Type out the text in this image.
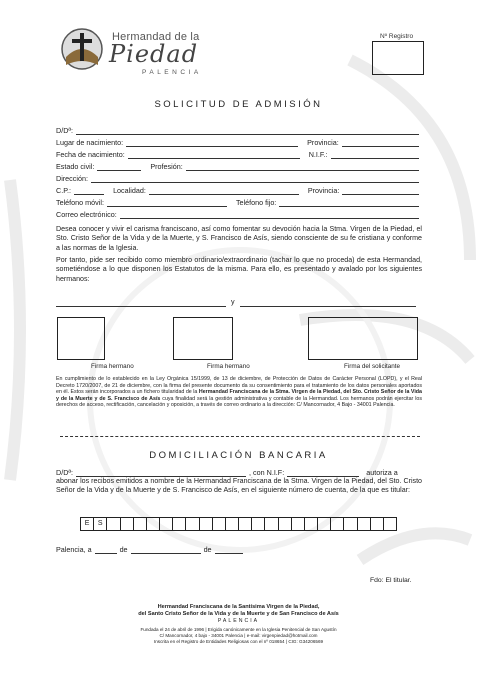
Hermandad de la
Piedad
PALENCIA
Nº Registro
SOLICITUD DE ADMISIÓN
D/Dª:
Lugar de nacimiento:	Provincia:
Fecha de nacimiento:	N.I.F.:
Estado civil:	Profesión:
Dirección:
C.P.:	Localidad:	Provincia:
Teléfono móvil:	Teléfono fijo:
Correo electrónico:
Desea conocer y vivir el carisma franciscano, así como fomentar su devoción hacia la Stma. Virgen de la Piedad, el Sto. Cristo Señor de la Vida y de la Muerte, y S. Francisco de Asís, siendo consciente de su fe cristiana y conforme a las normas de la Iglesia.
Por tanto, pide ser recibido como miembro ordinario/extraordinario (tachar lo que no proceda) de esta Hermandad, sometiéndose a lo que disponen los Estatutos de la misma. Para ello, es presentado y avalado por los siguientes hermanos:
y
Firma hermano	Firma hermano	Firma del solicitante
En cumplimiento de lo establecido en la Ley Orgánica 15/1999, de 13 de diciembre, de Protección de Datos de Carácter Personal (LOPD), y el Real Decreto 1720/2007, de 21 de diciembre, con la firma del presente documento da su consentimiento para el tratamiento de los datos personales aportados en él. Estos serán incorporados a un fichero titularidad de la Hermandad Franciscana de la Stma. Virgen de la Piedad, del Sto. Cristo Señor de la Vida y de la Muerte y de S. Francisco de Asís cuya finalidad será la gestión administrativa y contable de la Hermandad. Los hermanos podrán ejercitar los derechos de acceso, rectificación, cancelación y oposición, a través de correo ordinario a la dirección: C/ Mancornador, 4 Bajo - 34001 Palencia.
DOMICILIACIÓN BANCARIA
D/Dª:	, con N.I.F:	autoriza a
abonar los recibos emitidos a nombre de la Hermandad Franciscana de la Stma. Virgen de la Piedad, del Sto. Cristo Señor de la Vida y de la Muerte y de S. Francisco de Asís, en el siguiente número de cuenta, de la que es titular:
E	S
Palencia, a	de	de
Fdo: El titular.
Hermandad Franciscana de la Santísima Virgen de la Piedad,
del Santo Cristo Señor de la Vida y de la Muerte y de San Francisco de Asís
PALENCIA
Fundada el 24 de abril de 1996 | Erigida canónicamente en la Iglesia Penitencial de San Agustín
C/ Mancornador, 4 bajo - 34001 Palencia | e-mail: virgenpiedad@hotmail.com
Inscrita en el Registro de Entidades Religiosas con el nº 018654 | CIG: G34206569
